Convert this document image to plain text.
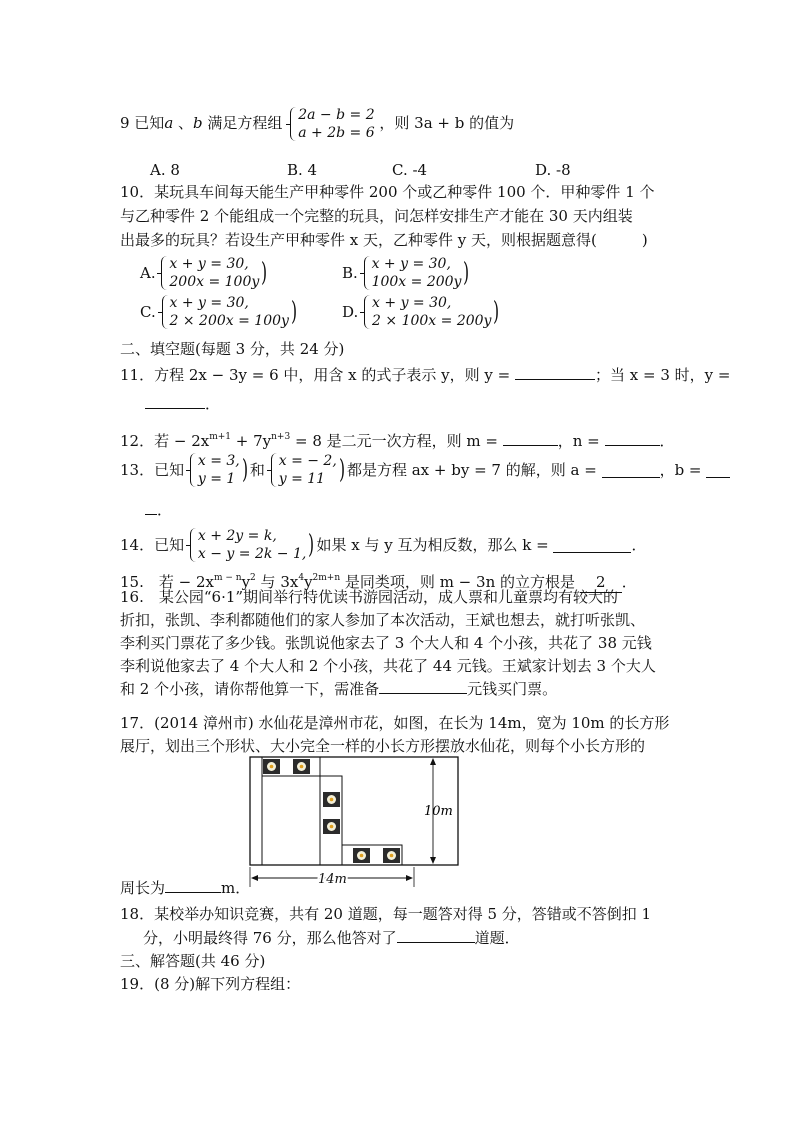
9 已知a 、b 满足方程组 2a − b = 2
a + 2b = 6
，则 3a + b 的值为
A. 8	B. 4	C. -4	D. -8
10．某玩具车间每天能生产甲种零件 200 个或乙种零件 100 个．甲种零件 1 个
与乙种零件 2 个能组成一个完整的玩具，问怎样安排生产才能在 30 天内组装
出最多的玩具？若设生产甲种零件 x 天，乙种零件 y 天，则根据题意得(　　　)
A. x + y = 30,
200x = 100y )	B. x + y = 30,
100x = 200y )
C. x + y = 30,
2 × 200x = 100y )	D. x + y = 30,
2 × 100x = 200y )
二、填空题(每题 3 分，共 24 分)
11．方程 2x − 3y = 6 中，用含 x 的式子表示 y，则 y =	；当 x = 3 时，y =
．
12．若 − $2x^{m+1} + 7y^{n+3} = 8$ 是二元一次方程，则 m =	，n =	．
13．已知 x = 3,
y = 1 ) 和 x = − 2,
y = 11 ) 都是方程 ax + by = 7 的解，则 a =	，b =
．
14．已知 x + 2y = k,
x − y = 2k − 1, ) 如果 x 与 y 互为相反数，那么 k =	．
15.　若 − $2x^{m - n}y^2$ 与 $3x^4y^{2m+n}$ 是同类项，则 m − 3n 的立方根是 2 ．
16.　某公园“6·1”期间举行特优读书游园活动，成人票和儿童票均有较大的
折扣，张凯、李利都随他们的家人参加了本次活动，王斌也想去，就打听张凯、
李利买门票花了多少钱。张凯说他家去了 3 个大人和 4 个小孩，共花了 38 元钱
李利说他家去了 4 个大人和 2 个小孩，共花了 44 元钱。王斌家计划去 3 个大人
和 2 个小孩，请你帮他算一下，需准备	元钱买门票。
17．(2014 漳州市) 水仙花是漳州市花，如图，在长为 14m，宽为 10m 的长方形
展厅，划出三个形状、大小完全一样的小长方形摆放水仙花，则每个小长方形的
10m
14m
周长为	m．
18．某校举办知识竞赛，共有 20 道题，每一题答对得 5 分，答错或不答倒扣 1
分，小明最终得 76 分，那么他答对了	道题．
三、解答题(共 46 分)
19．(8 分)解下列方程组：
